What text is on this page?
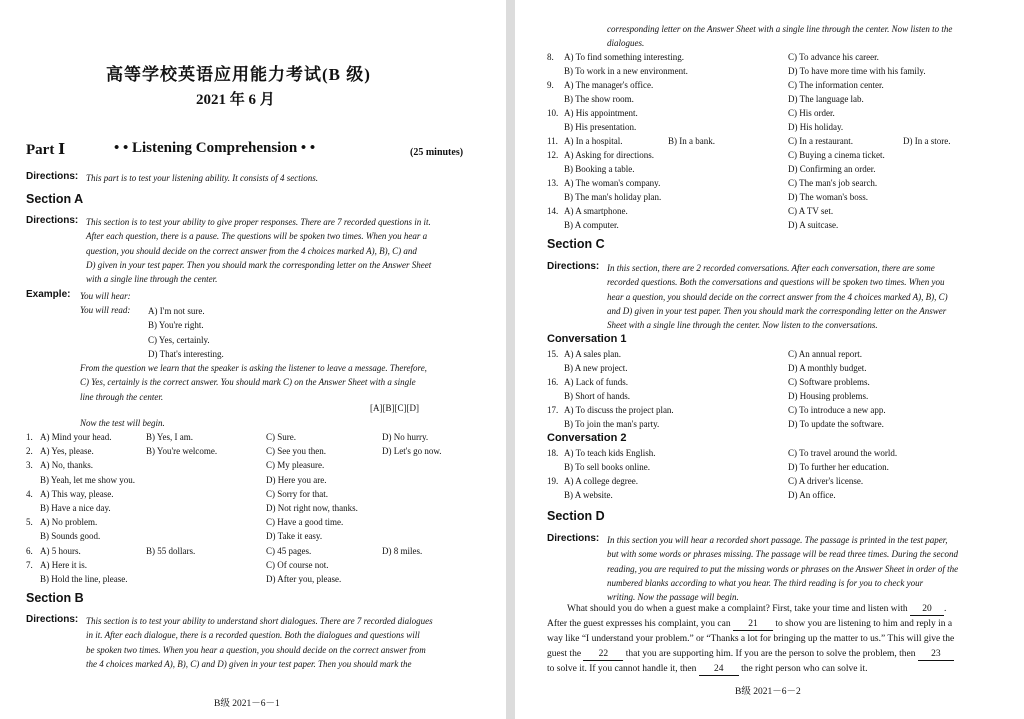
高等学校英语应用能力考试(B 级)
2021 年 6 月
Part Ⅰ	• • Listening Comprehension • •	(25 minutes)
Directions: This part is to test your listening ability. It consists of 4 sections.
Section A
Directions: This section is to test your ability to give proper responses. There are 7 recorded questions in it.
After each question, there is a pause. The questions will be spoken two times. When you hear a
question, you should decide on the correct answer from the 4 choices marked A), B), C) and
D) given in your test paper. Then you should mark the corresponding letter on the Answer Sheet
with a single line through the center.
Example: You will hear:
You will read: A) I'm not sure.
B) You're right.
C) Yes, certainly.
D) That's interesting.
From the question we learn that the speaker is asking the listener to leave a message. Therefore,
C) Yes, certainly is the correct answer. You should mark C) on the Answer Sheet with a single
line through the center.
[A][B][C][D]
Now the test will begin.
Section B
Directions: This section is to test your ability to understand short dialogues. There are 7 recorded dialogues
in it. After each dialogue, there is a recorded question. Both the dialogues and questions will
be spoken two times. When you hear a question, you should decide on the correct answer from
the 4 choices marked A), B), C) and D) given in your test paper. Then you should mark the
B级 2021－6－1
1. A) Mind your head.	B) Yes, I am.	C) Sure.	D) No hurry.
2. A) Yes, please.	B) You're welcome.	C) See you then.	D) Let's go now.
3. A) No, thanks.	C) My pleasure.
B) Yeah, let me show you.	D) Here you are.
4. A) This way, please.	C) Sorry for that.
B) Have a nice day.	D) Not right now, thanks.
5. A) No problem.	C) Have a good time.
B) Sounds good.	D) Take it easy.
6. A) 5 hours.	B) 55 dollars.	C) 45 pages.	D) 8 miles.
7. A) Here it is.	C) Of course not.
B) Hold the line, please.	D) After you, please.
corresponding letter on the Answer Sheet with a single line through the center. Now listen to the
dialogues.
Section C
Directions: In this section, there are 2 recorded conversations. After each conversation, there are some
recorded questions. Both the conversations and questions will be spoken two times. When you
hear a question, you should decide on the correct answer from the 4 choices marked A), B), C)
and D) given in your test paper. Then you should mark the corresponding letter on the Answer
Sheet with a single line through the center. Now listen to the conversations.
Conversation 1
Conversation 2
Section D
Directions: In this section you will hear a recorded short passage. The passage is printed in the test paper,
but with some words or phrases missing. The passage will be read three times. During the second
reading, you are required to put the missing words or phrases on the Answer Sheet in order of the
numbered blanks according to what you hear. The third reading is for you to check your
writing. Now the passage will begin.
What should you do when a guest make a complaint? First, take your time and listen with 20 .
After the guest expresses his complaint, you can 21 to show you are listening to him and reply in a
way like “I understand your problem.” or “Thanks a lot for bringing up the matter to us.” This will give the
guest the 22 that you are supporting him. If you are the person to solve the problem, then 23
to solve it. If you cannot handle it, then 24 the right person who can solve it.
B级 2021－6－2
8. A) To find something interesting.	C) To advance his career.
B) To work in a new environment.	D) To have more time with his family.
9. A) The manager's office.	C) The information center.
B) The show room.	D) The language lab.
10. A) His appointment.	C) His order.
B) His presentation.	D) His holiday.
11. A) In a hospital.	B) In a bank.	C) In a restaurant.	D) In a store.
12. A) Asking for directions.	C) Buying a cinema ticket.
B) Booking a table.	D) Confirming an order.
13. A) The woman's company.	C) The man's job search.
B) The man's holiday plan.	D) The woman's boss.
14. A) A smartphone.	C) A TV set.
B) A computer.	D) A suitcase.
15. A) A sales plan.	C) An annual report.
B) A new project.	D) A monthly budget.
16. A) Lack of funds.	C) Software problems.
B) Short of hands.	D) Housing problems.
17. A) To discuss the project plan.	C) To introduce a new app.
B) To join the man's party.	D) To update the software.
18. A) To teach kids English.	C) To travel around the world.
B) To sell books online.	D) To further her education.
19. A) A college degree.	C) A driver's license.
B) A website.	D) An office.
